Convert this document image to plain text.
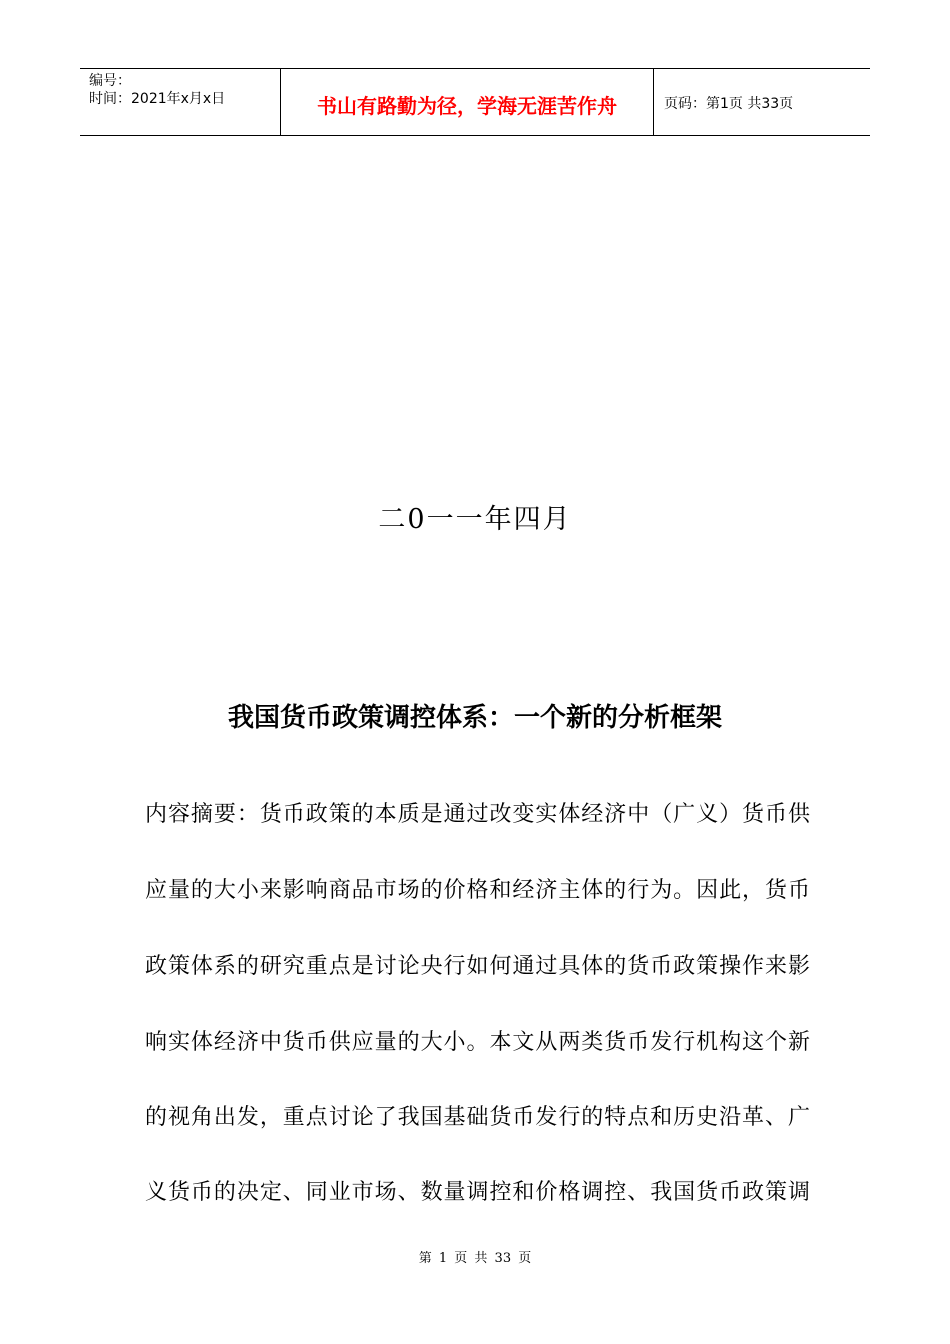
编号：
时间：2021年x月x日	书山有路勤为径，学海无涯苦作舟	页码：第1页 共33页
二0一一年四月
我国货币政策调控体系：一个新的分析框架
内容摘要：货币政策的本质是通过改变实体经济中（广义）货币供
应量的大小来影响商品市场的价格和经济主体的行为。因此，货币
政策体系的研究重点是讨论央行如何通过具体的货币政策操作来影
响实体经济中货币供应量的大小。本文从两类货币发行机构这个新
的视角出发，重点讨论了我国基础货币发行的特点和历史沿革、广
义货币的决定、同业市场、数量调控和价格调控、我国货币政策调
第 1 页 共 33 页
